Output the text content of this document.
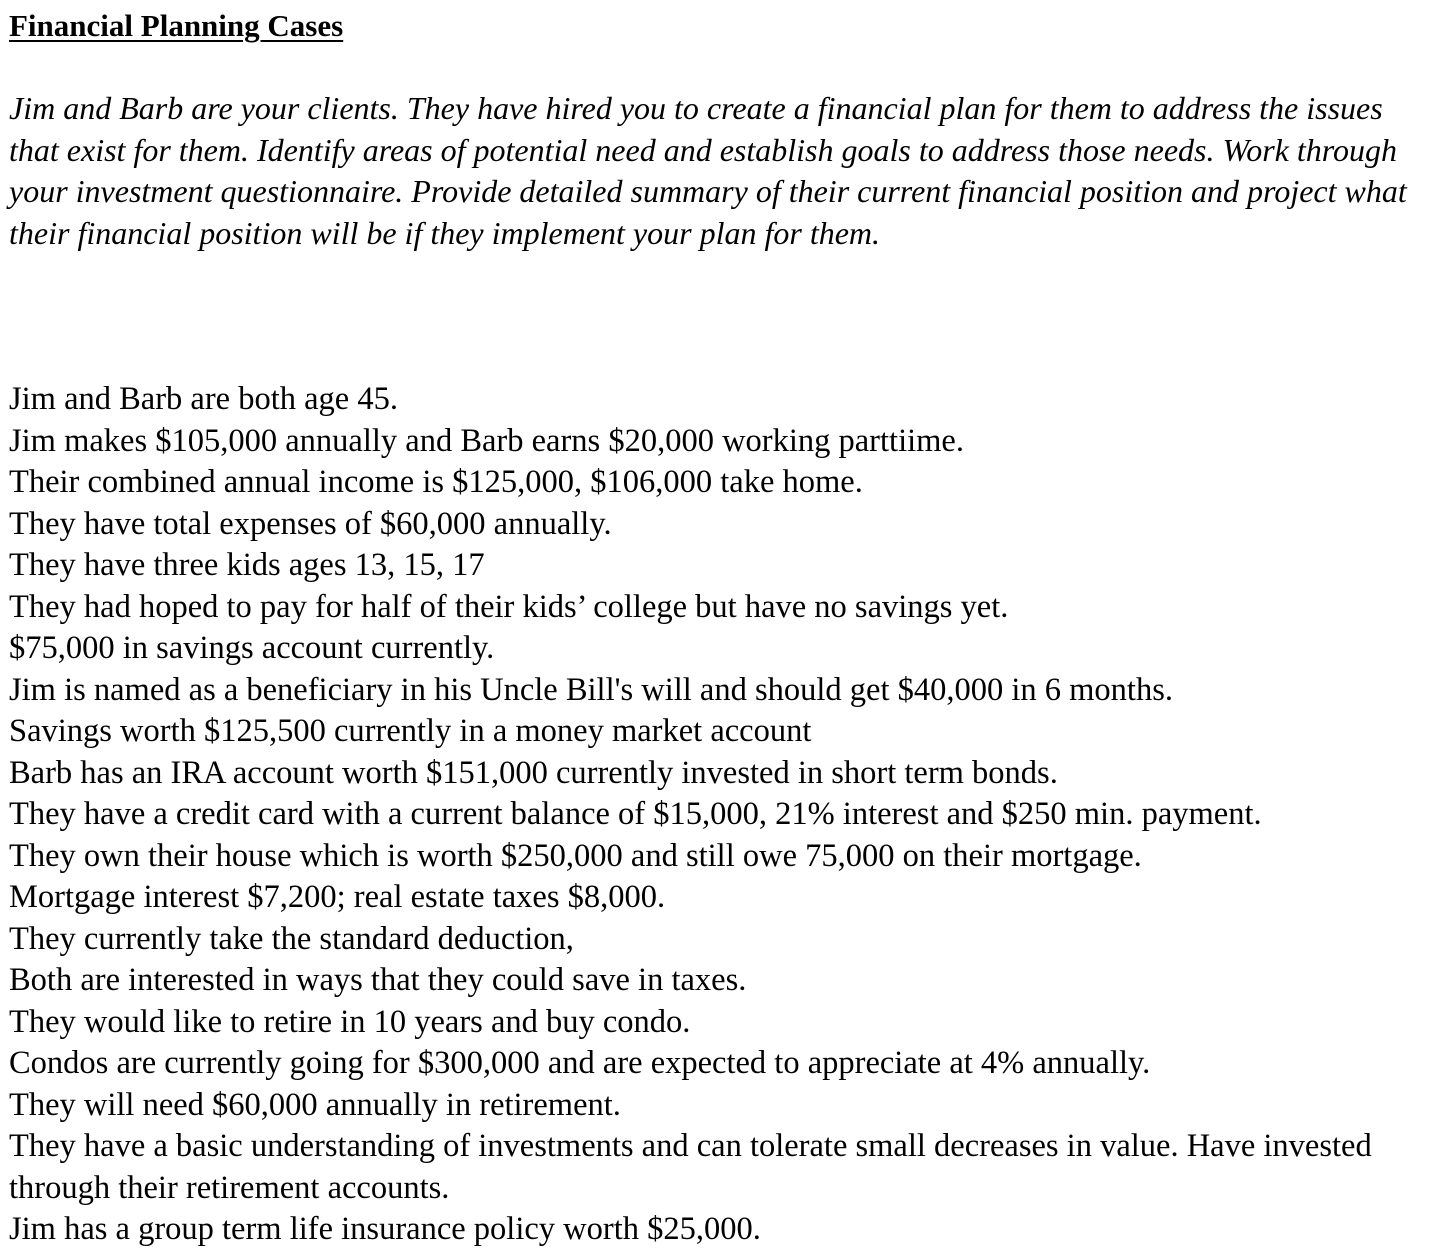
Financial Planning Cases

Jim and Barb are your clients. They have hired you to create a financial plan for them to address the issues that exist for them. Identify areas of potential need and establish goals to address those needs. Work through your investment questionnaire. Provide detailed summary of their current financial position and project what their financial position will be if they implement your plan for them.

Jim and Barb are both age 45.
Jim makes $105,000 annually and Barb earns $20,000 working parttiime.
Their combined annual income is $125,000, $106,000 take home.
They have total expenses of $60,000 annually.
They have three kids ages 13, 15, 17
They had hoped to pay for half of their kids’ college but have no savings yet.
$75,000 in savings account currently.
Jim is named as a beneficiary in his Uncle Bill's will and should get $40,000 in 6 months.
Savings worth $125,500 currently in a money market account
Barb has an IRA account worth $151,000 currently invested in short term bonds.
They have a credit card with a current balance of $15,000, 21% interest and $250 min. payment.
They own their house which is worth $250,000 and still owe 75,000 on their mortgage.
Mortgage interest $7,200; real estate taxes $8,000.
They currently take the standard deduction,
Both are interested in ways that they could save in taxes.
They would like to retire in 10 years and buy condo.
Condos are currently going for $300,000 and are expected to appreciate at 4% annually.
They will need $60,000 annually in retirement.
They have a basic understanding of investments and can tolerate small decreases in value. Have invested through their retirement accounts.
Jim has a group term life insurance policy worth $25,000.
